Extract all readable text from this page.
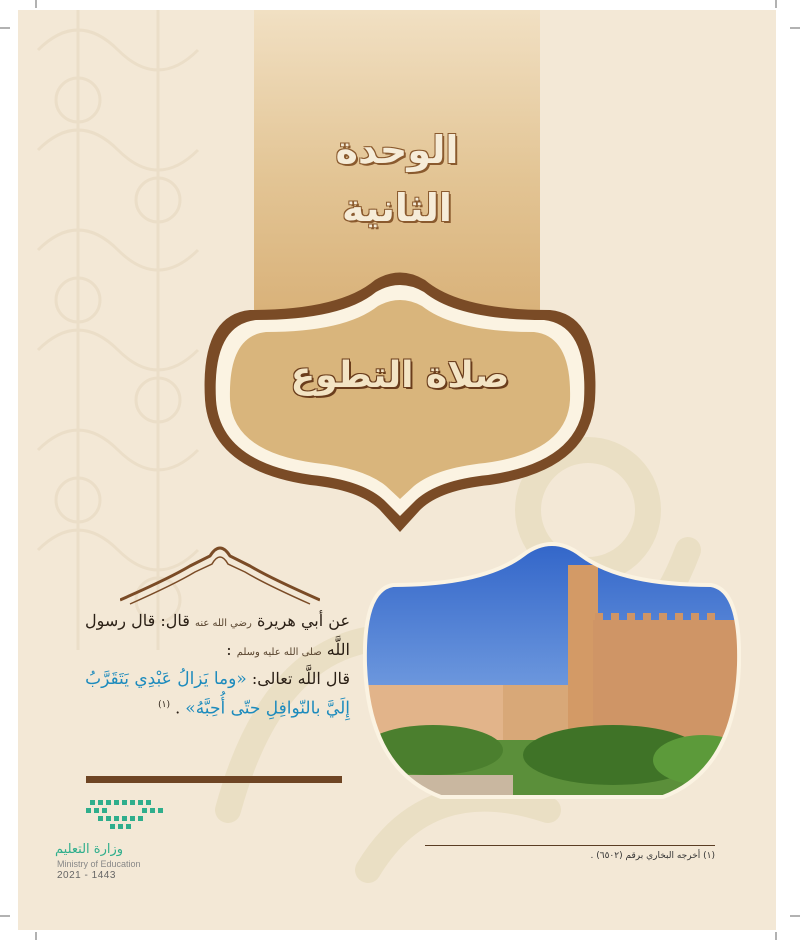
الوحدة
الثانية
صلاة التطوع
عن أبي هريرة رضي الله عنه قال: قال رسول اللَّه صلى الله عليه وسلم :
قال اللَّه تعالى: «وما يَزالُ عَبْدِي يَتَقَرَّبُ إِلَيَّ بالنّوافِلِ حتّى أُحِبَّهُ» . $^{(١)}$
وزارة التعليم
Ministry of Education
2021 - 1443
(١) أخرجه البخاري برقم (٦٥٠٢) .
